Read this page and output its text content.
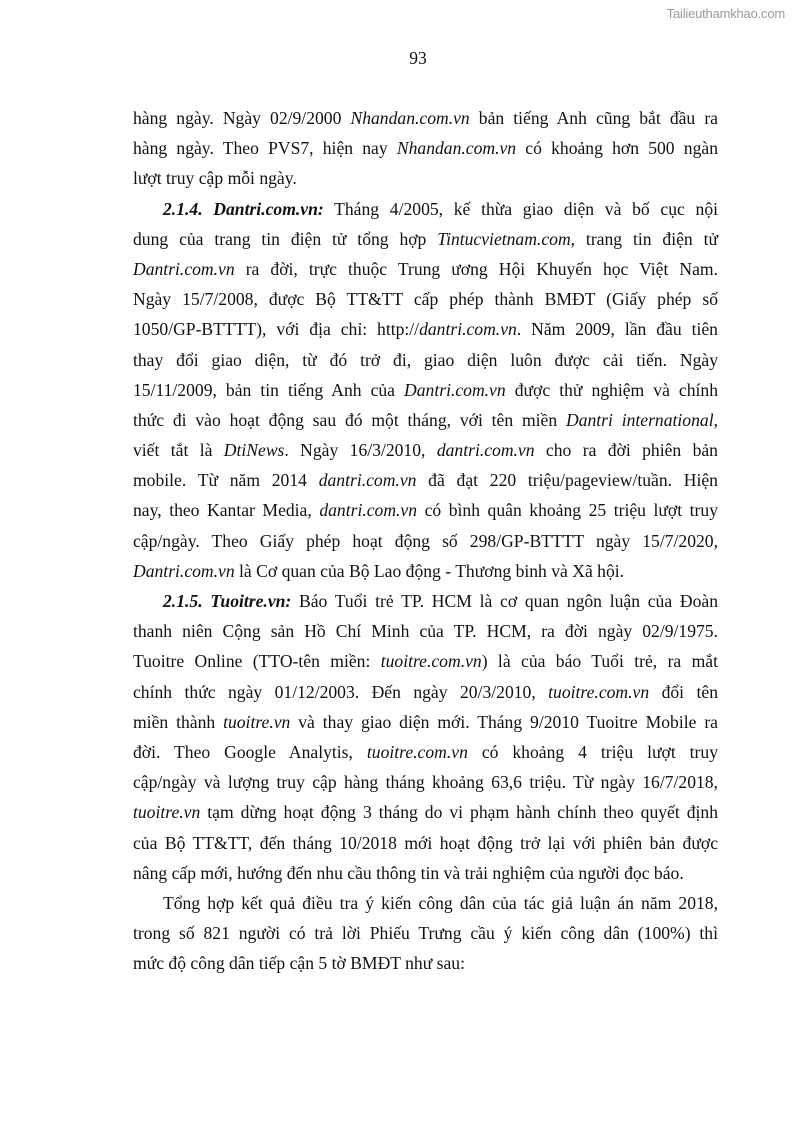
Tailieuthamkhao.com
93
hàng ngày. Ngày 02/9/2000 Nhandan.com.vn bản tiếng Anh cũng bắt đầu ra
hàng ngày. Theo PVS7, hiện nay Nhandan.com.vn có khoảng hơn 500 ngàn
lượt truy cập mỗi ngày.
2.1.4. Dantri.com.vn: Tháng 4/2005, kế thừa giao diện và bố cục nội
dung của trang tin điện tử tổng hợp Tintucvietnam.com, trang tin điện tử
Dantri.com.vn ra đời, trực thuộc Trung ương Hội Khuyến học Việt Nam.
Ngày 15/7/2008, được Bộ TT&TT cấp phép thành BMĐT (Giấy phép số
1050/GP-BTTTT), với địa chỉ: http://dantri.com.vn. Năm 2009, lần đầu tiên
thay đổi giao diện, từ đó trở đi, giao diện luôn được cải tiến. Ngày
15/11/2009, bản tin tiếng Anh của Dantri.com.vn được thử nghiệm và chính
thức đi vào hoạt động sau đó một tháng, với tên miền Dantri international,
viết tắt là DtiNews. Ngày 16/3/2010, dantri.com.vn cho ra đời phiên bản
mobile. Từ năm 2014 dantri.com.vn đã đạt 220 triệu/pageview/tuần. Hiện
nay, theo Kantar Media, dantri.com.vn có bình quân khoảng 25 triệu lượt truy
cập/ngày. Theo Giấy phép hoạt động số 298/GP-BTTTT ngày 15/7/2020,
Dantri.com.vn là Cơ quan của Bộ Lao động - Thương binh và Xã hội.
2.1.5. Tuoitre.vn: Báo Tuổi trẻ TP. HCM là cơ quan ngôn luận của Đoàn
thanh niên Cộng sản Hồ Chí Minh của TP. HCM, ra đời ngày 02/9/1975.
Tuoitre Online (TTO-tên miền: tuoitre.com.vn) là của báo Tuổi trẻ, ra mắt
chính thức ngày 01/12/2003. Đến ngày 20/3/2010, tuoitre.com.vn đổi tên
miền thành tuoitre.vn và thay giao diện mới. Tháng 9/2010 Tuoitre Mobile ra
đời. Theo Google Analytis, tuoitre.com.vn có khoảng 4 triệu lượt truy
cập/ngày và lượng truy cập hàng tháng khoảng 63,6 triệu. Từ ngày 16/7/2018,
tuoitre.vn tạm dừng hoạt động 3 tháng do vi phạm hành chính theo quyết định
của Bộ TT&TT, đến tháng 10/2018 mới hoạt động trở lại với phiên bản được
nâng cấp mới, hướng đến nhu cầu thông tin và trải nghiệm của người đọc báo.
Tổng hợp kết quả điều tra ý kiến công dân của tác giả luận án năm 2018,
trong số 821 người có trả lời Phiếu Trưng cầu ý kiến công dân (100%) thì
mức độ công dân tiếp cận 5 tờ BMĐT như sau:
